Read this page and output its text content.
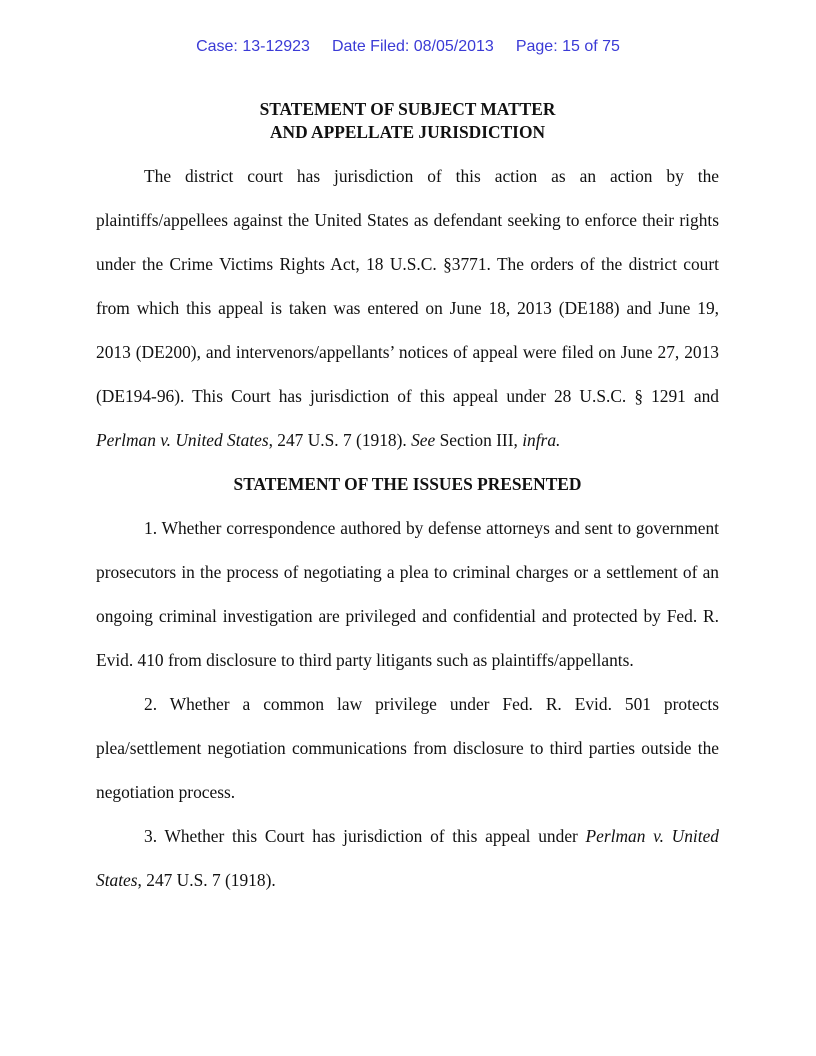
Case: 13-12923 Date Filed: 08/05/2013 Page: 15 of 75

STATEMENT OF SUBJECT MATTER

AND APPELLATE JURISDICTION

The district court has jurisdiction of this action as an action by the plaintiffs/appellees against the United States as defendant seeking to enforce their rights under the Crime Victims Rights Act, 18 U.S.C. §3771. The orders of the district court from which this appeal is taken was entered on June 18, 2013 (DE188) and June 19, 2013 (DE200), and intervenors/appellants’ notices of appeal were filed on June 27, 2013 (DE194-96). This Court has jurisdiction of this appeal under 28 U.S.C. § 1291 and Perlman v. United States, 247 U.S. 7 (1918). See Section III, infra.

STATEMENT OF THE ISSUES PRESENTED

1. Whether correspondence authored by defense attorneys and sent to government prosecutors in the process of negotiating a plea to criminal charges or a settlement of an ongoing criminal investigation are privileged and confidential and protected by Fed. R. Evid. 410 from disclosure to third party litigants such as plaintiffs/appellants.

2. Whether a common law privilege under Fed. R. Evid. 501 protects plea/settlement negotiation communications from disclosure to third parties outside the negotiation process.

3. Whether this Court has jurisdiction of this appeal under Perlman v. United States, 247 U.S. 7 (1918).
